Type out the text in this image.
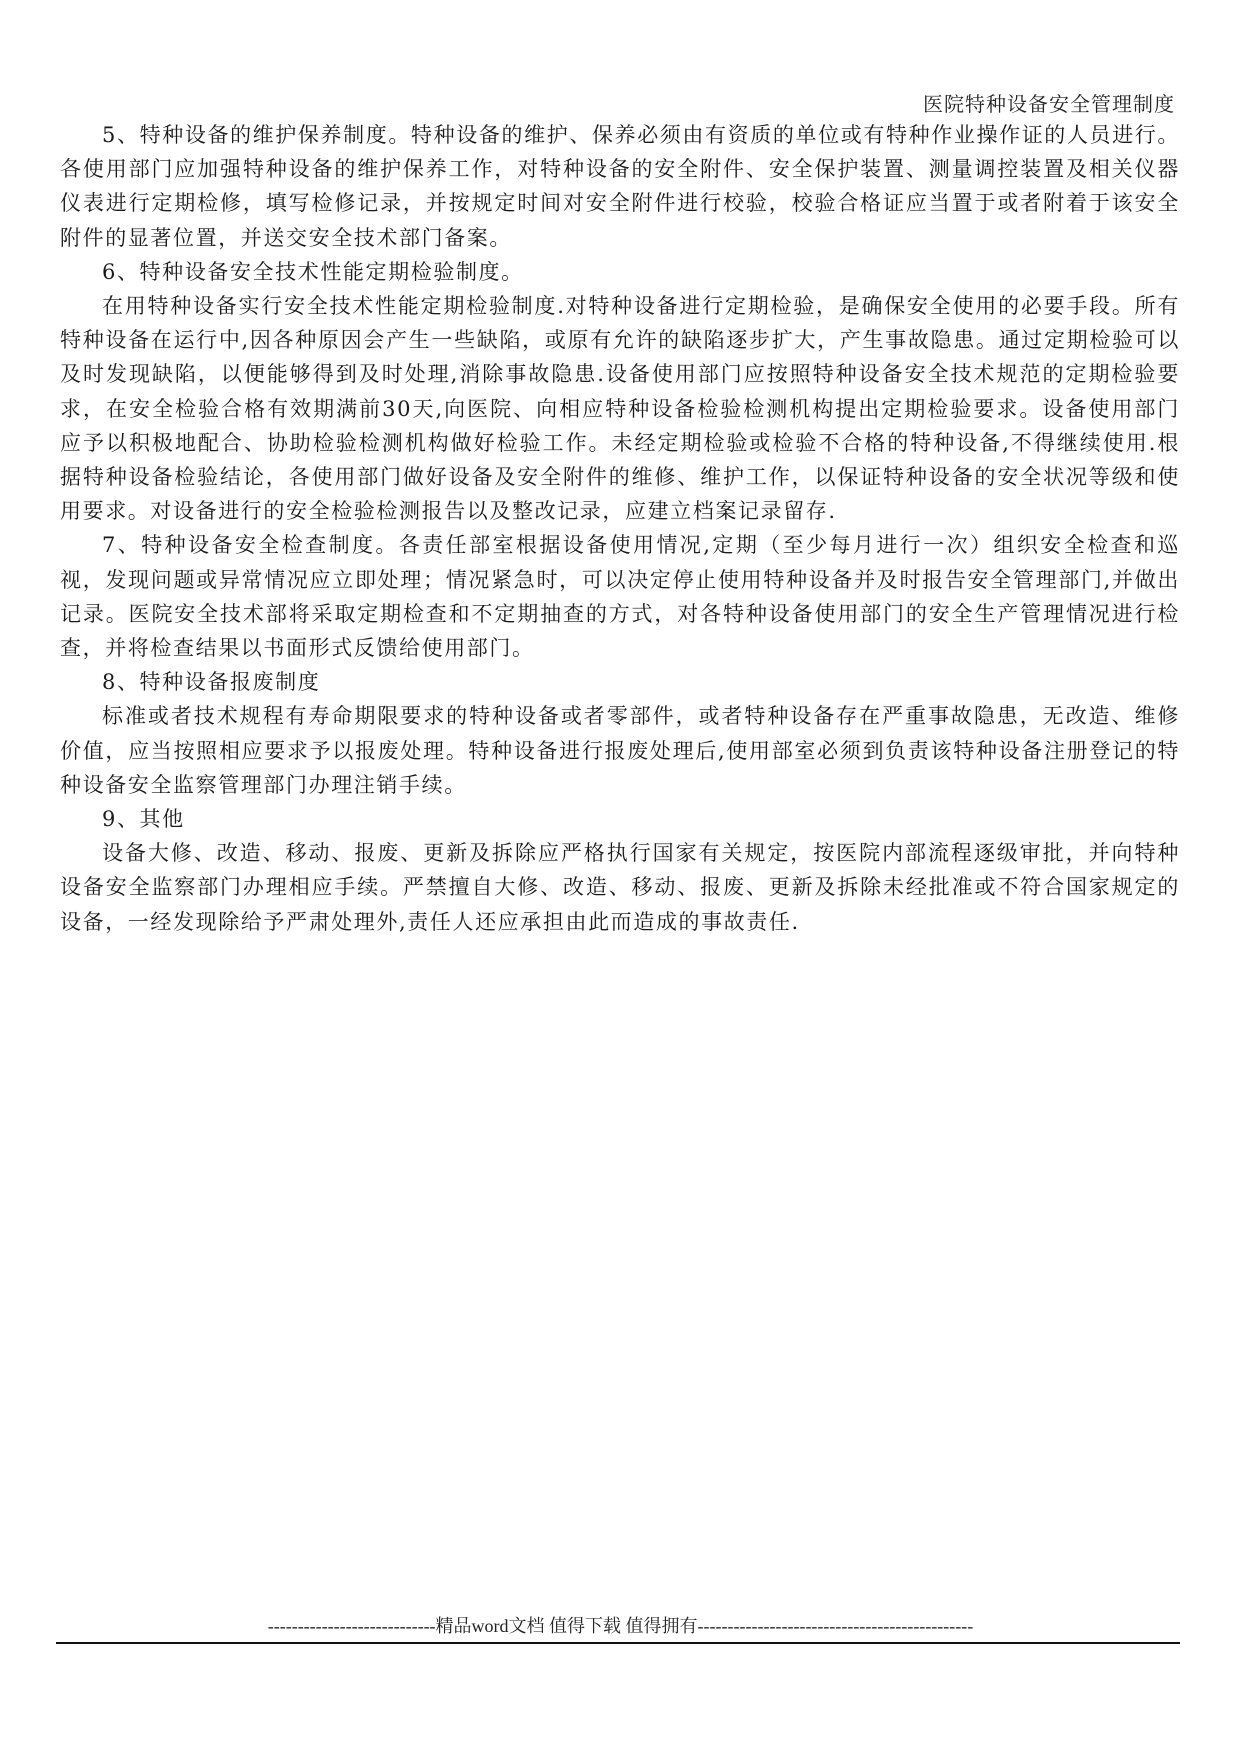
医院特种设备安全管理制度

5、特种设备的维护保养制度。特种设备的维护、保养必须由有资质的单位或有特种作业操作证的人员进行。各使用部门应加强特种设备的维护保养工作，对特种设备的安全附件、安全保护装置、测量调控装置及相关仪器仪表进行定期检修，填写检修记录，并按规定时间对安全附件进行校验，校验合格证应当置于或者附着于该安全附件的显著位置，并送交安全技术部门备案。

6、特种设备安全技术性能定期检验制度。

在用特种设备实行安全技术性能定期检验制度.对特种设备进行定期检验，是确保安全使用的必要手段。所有特种设备在运行中,因各种原因会产生一些缺陷，或原有允许的缺陷逐步扩大，产生事故隐患。通过定期检验可以及时发现缺陷，以便能够得到及时处理,消除事故隐患.设备使用部门应按照特种设备安全技术规范的定期检验要求，在安全检验合格有效期满前30天,向医院、向相应特种设备检验检测机构提出定期检验要求。设备使用部门应予以积极地配合、协助检验检测机构做好检验工作。未经定期检验或检验不合格的特种设备,不得继续使用.根据特种设备检验结论，各使用部门做好设备及安全附件的维修、维护工作，以保证特种设备的安全状况等级和使用要求。对设备进行的安全检验检测报告以及整改记录，应建立档案记录留存.

7、特种设备安全检查制度。各责任部室根据设备使用情况,定期（至少每月进行一次）组织安全检查和巡视，发现问题或异常情况应立即处理；情况紧急时，可以决定停止使用特种设备并及时报告安全管理部门,并做出记录。医院安全技术部将采取定期检查和不定期抽查的方式，对各特种设备使用部门的安全生产管理情况进行检查，并将检查结果以书面形式反馈给使用部门。

8、特种设备报废制度

标准或者技术规程有寿命期限要求的特种设备或者零部件，或者特种设备存在严重事故隐患，无改造、维修价值，应当按照相应要求予以报废处理。特种设备进行报废处理后,使用部室必须到负责该特种设备注册登记的特种设备安全监察管理部门办理注销手续。

9、其他

设备大修、改造、移动、报废、更新及拆除应严格执行国家有关规定，按医院内部流程逐级审批，并向特种设备安全监察部门办理相应手续。严禁擅自大修、改造、移动、报废、更新及拆除未经批准或不符合国家规定的设备，一经发现除给予严肃处理外,责任人还应承担由此而造成的事故责任.

----------------------------精品word文档 值得下载 值得拥有----------------------------------------------
